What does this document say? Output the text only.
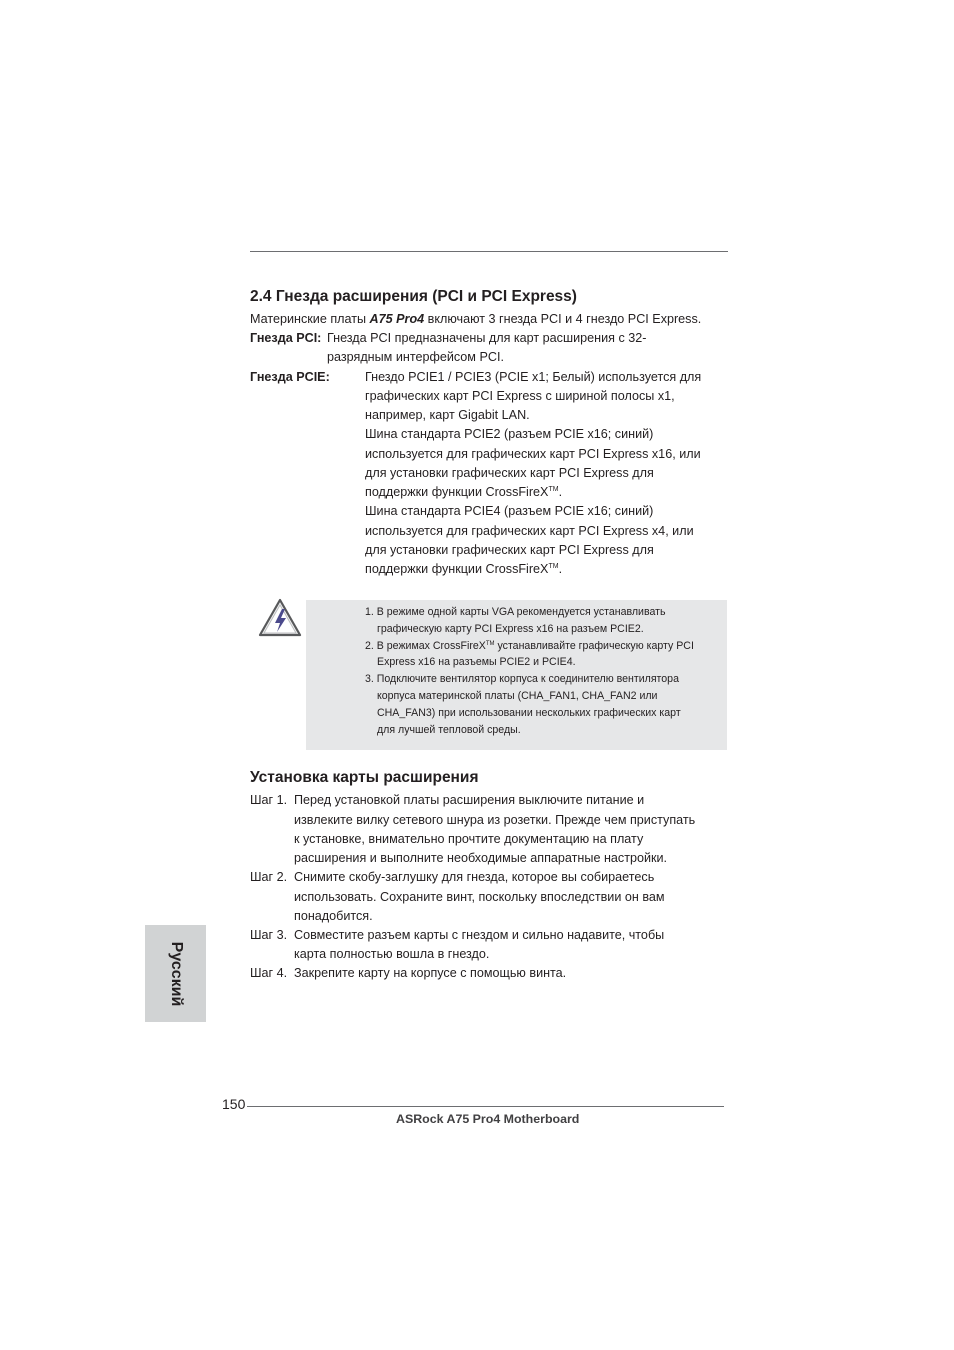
2.4 Гнезда расширения (PCI и PCI Express)
Материнские платы A75 Pro4 включают 3 гнезда PCI и 4 гнездо PCI Express.
Гнезда PCI: Гнезда PCI предназначены для карт расширения с 32-
разрядным интерфейсом PCI.
Гнезда PCIE:	Гнездо PCIE1 / PCIE3 (PCIE x1; Белый) используется для
графических карт PCI Express с шириной полосы x1,
например, карт Gigabit LAN.
Шина стандарта PCIE2 (разъем PCIE x16; синий)
используется для графических карт PCI Express x16, или
для установки графических карт PCI Express для
поддержки функции CrossFireX™.
Шина стандарта PCIE4 (разъем PCIE x16; синий)
используется для графических карт PCI Express x4, или
для установки графических карт PCI Express для
поддержки функции CrossFireX™.
1. В режиме одной карты VGA рекомендуется устанавливать
графическую карту PCI Express x16 на разъем PCIE2.
2. В режимах CrossFireX™ устанавливайте графическую карту PCI
Express x16 на разъемы PCIE2 и PCIE4.
3. Подключите вентилятор корпуса к соединителю вентилятора
корпуса материнской платы (CHA_FAN1, CHA_FAN2 или
CHA_FAN3) при использовании нескольких графических карт
для лучшей тепловой среды.
Установка карты расширения
Шаг 1. Перед установкой платы расширения выключите питание и
извлеките вилку сетевого шнура из розетки. Прежде чем приступать
к установке, внимательно прочтите документацию на плату
расширения и выполните необходимые аппаратные настройки.
Шаг 2. Снимите скобу-заглушку для гнезда, которое вы собираетесь
использовать. Сохраните винт, поскольку впоследствии он вам
понадобится.
Шаг 3. Совместите разъем карты с гнездом и сильно надавите, чтобы
карта полностью вошла в гнездо.
Шаг 4. Закрепите карту на корпусе с помощью винта.
Русский
150
ASRock A75 Pro4 Motherboard
